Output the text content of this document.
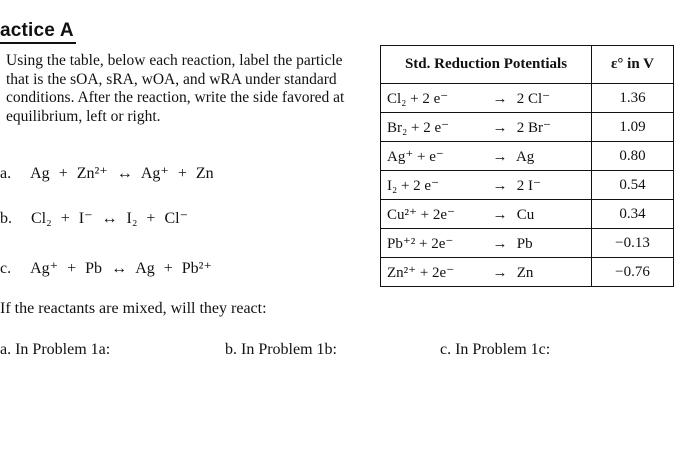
actice A
Using the table, below each reaction, label the particle that is the sOA, sRA, wOA, and wRA under standard conditions. After the reaction, write the side favored at equilibrium, left or right.
a. Ag + Zn²⁺ ↔ Ag⁺ + Zn
b. Cl₂ + I⁻ ↔ I₂ + Cl⁻
c. Ag⁺ + Pb ↔ Ag + Pb²⁺
If the reactants are mixed, will they react:
a. In Problem 1a:	b. In Problem 1b:	c. In Problem 1c:
Std. Reduction Potentials	ε° in V
Cl₂ + 2 e⁻ → 2 Cl⁻	1.36
Br₂ + 2 e⁻ → 2 Br⁻	1.09
Ag⁺ + e⁻ → Ag	0.80
I₂ + 2 e⁻ → 2 I⁻	0.54
Cu²⁺ + 2e⁻ → Cu	0.34
Pb⁺² + 2e⁻ → Pb	−0.13
Zn²⁺ + 2e⁻ → Zn	−0.76
